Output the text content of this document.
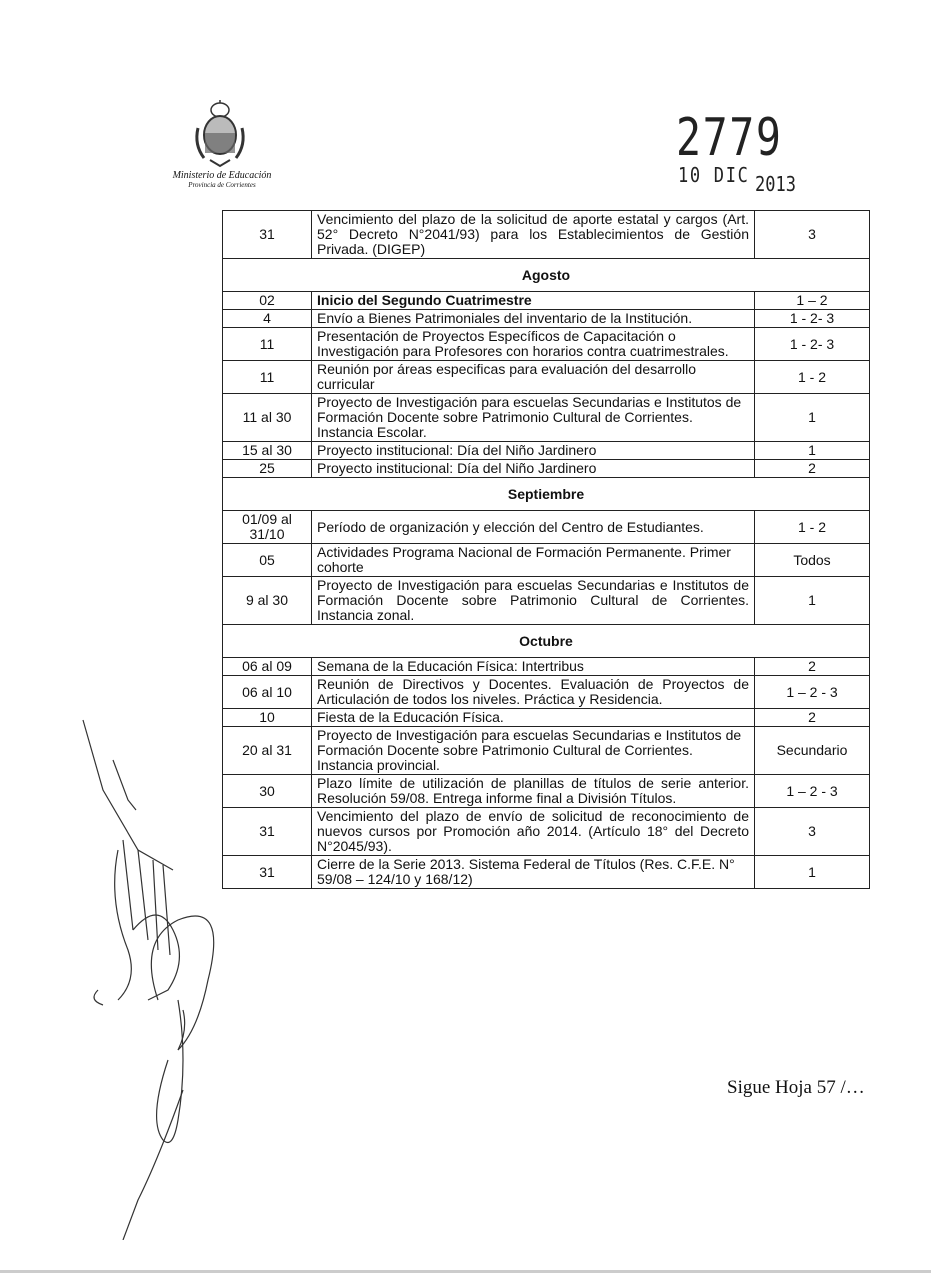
Ministerio de Educación
Provincia de Corrientes
2779
10 DIC 2013
31	Vencimiento del plazo de la solicitud de aporte estatal y cargos (Art. 52° Decreto N°2041/93) para los Establecimientos de Gestión Privada. (DIGEP)	3
Agosto		
02	Inicio del Segundo Cuatrimestre	1 – 2
4	Envío a Bienes Patrimoniales del inventario de la Institución.	1 - 2- 3
11	Presentación de Proyectos Específicos de Capacitación o Investigación para Profesores con horarios contra cuatrimestrales.	1 - 2- 3
11	Reunión por áreas especificas para evaluación del desarrollo curricular	1 - 2
11 al 30	Proyecto de Investigación para escuelas Secundarias e Institutos de Formación Docente sobre Patrimonio Cultural de Corrientes. Instancia Escolar.	1
15 al 30	Proyecto institucional: Día del Niño Jardinero	1
25	Proyecto institucional: Día del Niño Jardinero	2
Septiembre		
01/09 al 31/10	Período de organización y elección del Centro de Estudiantes.	1 - 2
05	Actividades Programa Nacional de Formación Permanente. Primer cohorte	Todos
9 al 30	Proyecto de Investigación para escuelas Secundarias e Institutos de Formación Docente sobre Patrimonio Cultural de Corrientes. Instancia zonal.	1
Octubre		
06 al 09	Semana de la Educación Física: Intertribus	2
06 al 10	Reunión de Directivos y Docentes. Evaluación de Proyectos de Articulación de todos los niveles. Práctica y Residencia.	1 – 2 - 3
10	Fiesta de la Educación Física.	2
20 al 31	Proyecto de Investigación para escuelas Secundarias e Institutos de Formación Docente sobre Patrimonio Cultural de Corrientes. Instancia provincial.	Secundario
30	Plazo límite de utilización de planillas de títulos de serie anterior. Resolución 59/08. Entrega informe final a División Títulos.	1 – 2 - 3
31	Vencimiento del plazo de envío de solicitud de reconocimiento de nuevos cursos por Promoción año 2014. (Artículo 18° del Decreto N°2045/93).	3
31	Cierre de la Serie 2013. Sistema Federal de Títulos (Res. C.F.E. N° 59/08 – 124/10 y 168/12)	1
Sigue Hoja 57 /…
